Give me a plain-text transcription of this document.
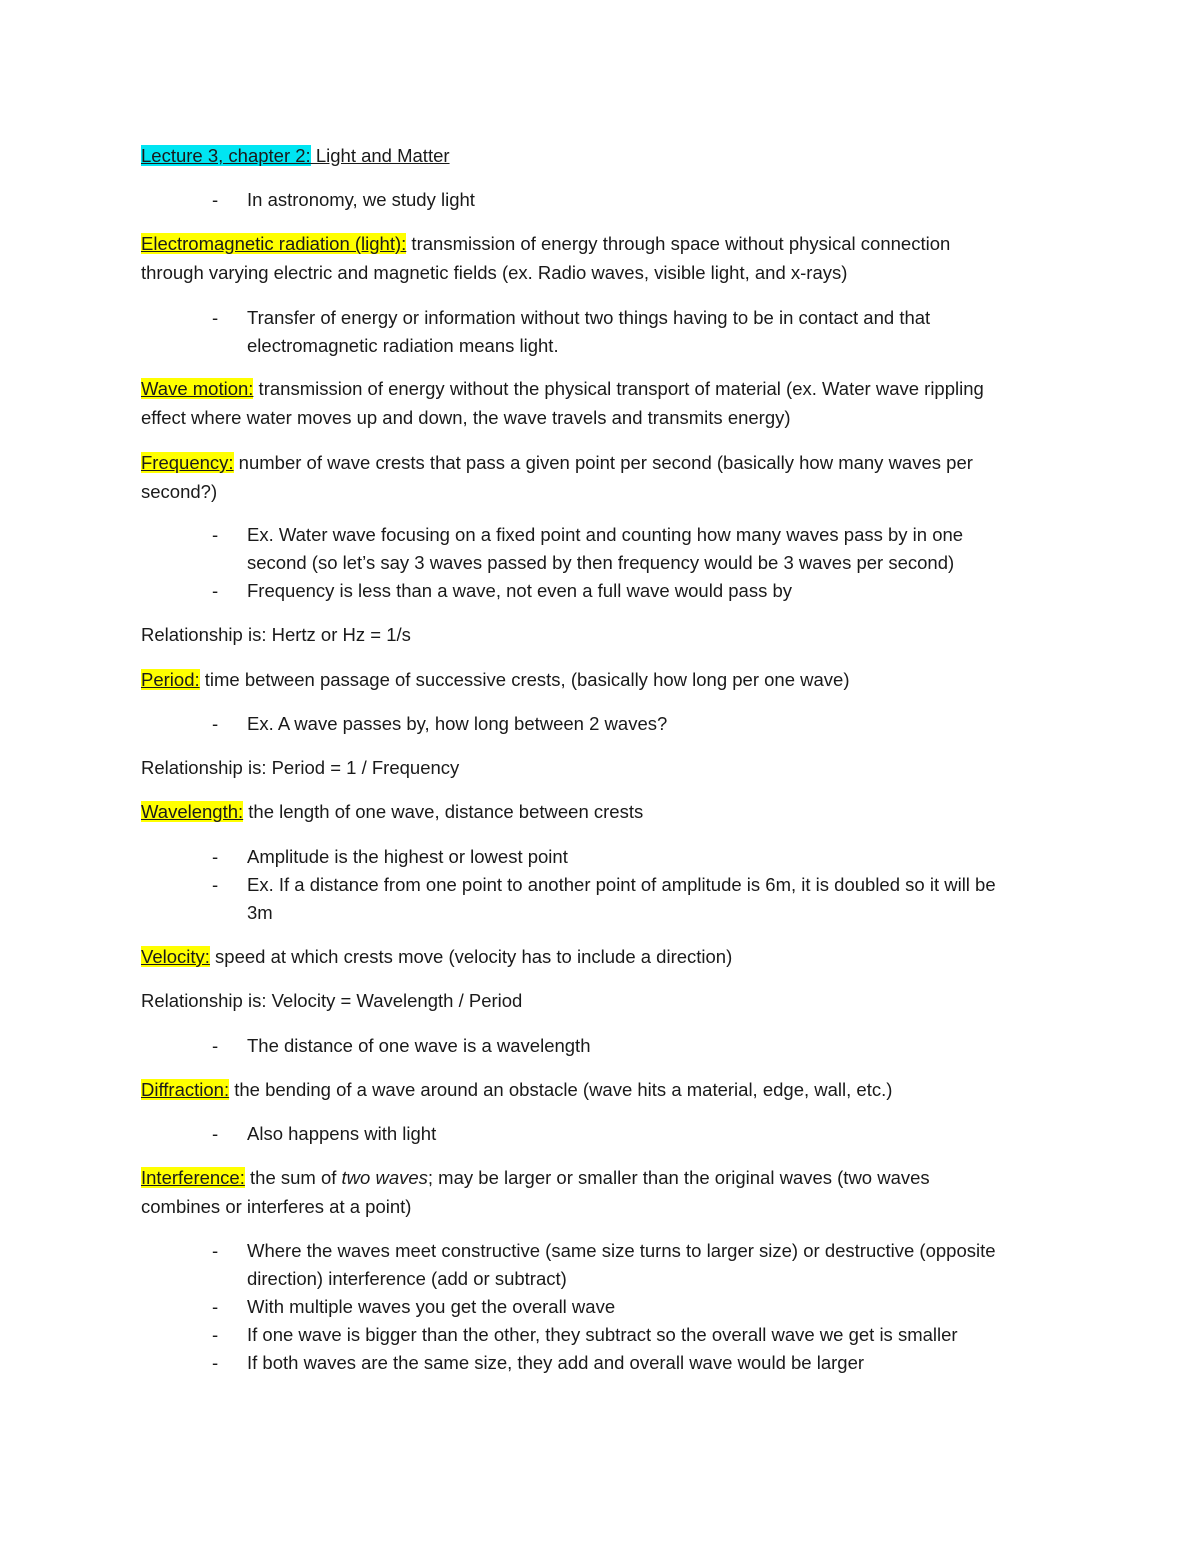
Lecture 3, chapter 2: Light and Matter
- In astronomy, we study light
Electromagnetic radiation (light): transmission of energy through space without physical connection
through varying electric and magnetic fields (ex. Radio waves, visible light, and x-rays)
- Transfer of energy or information without two things having to be in contact and that
electromagnetic radiation means light.
Wave motion: transmission of energy without the physical transport of material (ex. Water wave rippling
effect where water moves up and down, the wave travels and transmits energy)
Frequency: number of wave crests that pass a given point per second (basically how many waves per
second?)
- Ex. Water wave focusing on a fixed point and counting how many waves pass by in one
second (so let’s say 3 waves passed by then frequency would be 3 waves per second)
- Frequency is less than a wave, not even a full wave would pass by
Relationship is: Hertz or Hz = 1/s
Period: time between passage of successive crests, (basically how long per one wave)
- Ex. A wave passes by, how long between 2 waves?
Relationship is: Period = 1 / Frequency
Wavelength: the length of one wave, distance between crests
- Amplitude is the highest or lowest point
- Ex. If a distance from one point to another point of amplitude is 6m, it is doubled so it will be
3m
Velocity: speed at which crests move (velocity has to include a direction)
Relationship is: Velocity = Wavelength / Period
- The distance of one wave is a wavelength
Diffraction: the bending of a wave around an obstacle (wave hits a material, edge, wall, etc.)
- Also happens with light
Interference: the sum of two waves; may be larger or smaller than the original waves (two waves
combines or interferes at a point)
- Where the waves meet constructive (same size turns to larger size) or destructive (opposite
direction) interference (add or subtract)
- With multiple waves you get the overall wave
- If one wave is bigger than the other, they subtract so the overall wave we get is smaller
- If both waves are the same size, they add and overall wave would be larger
